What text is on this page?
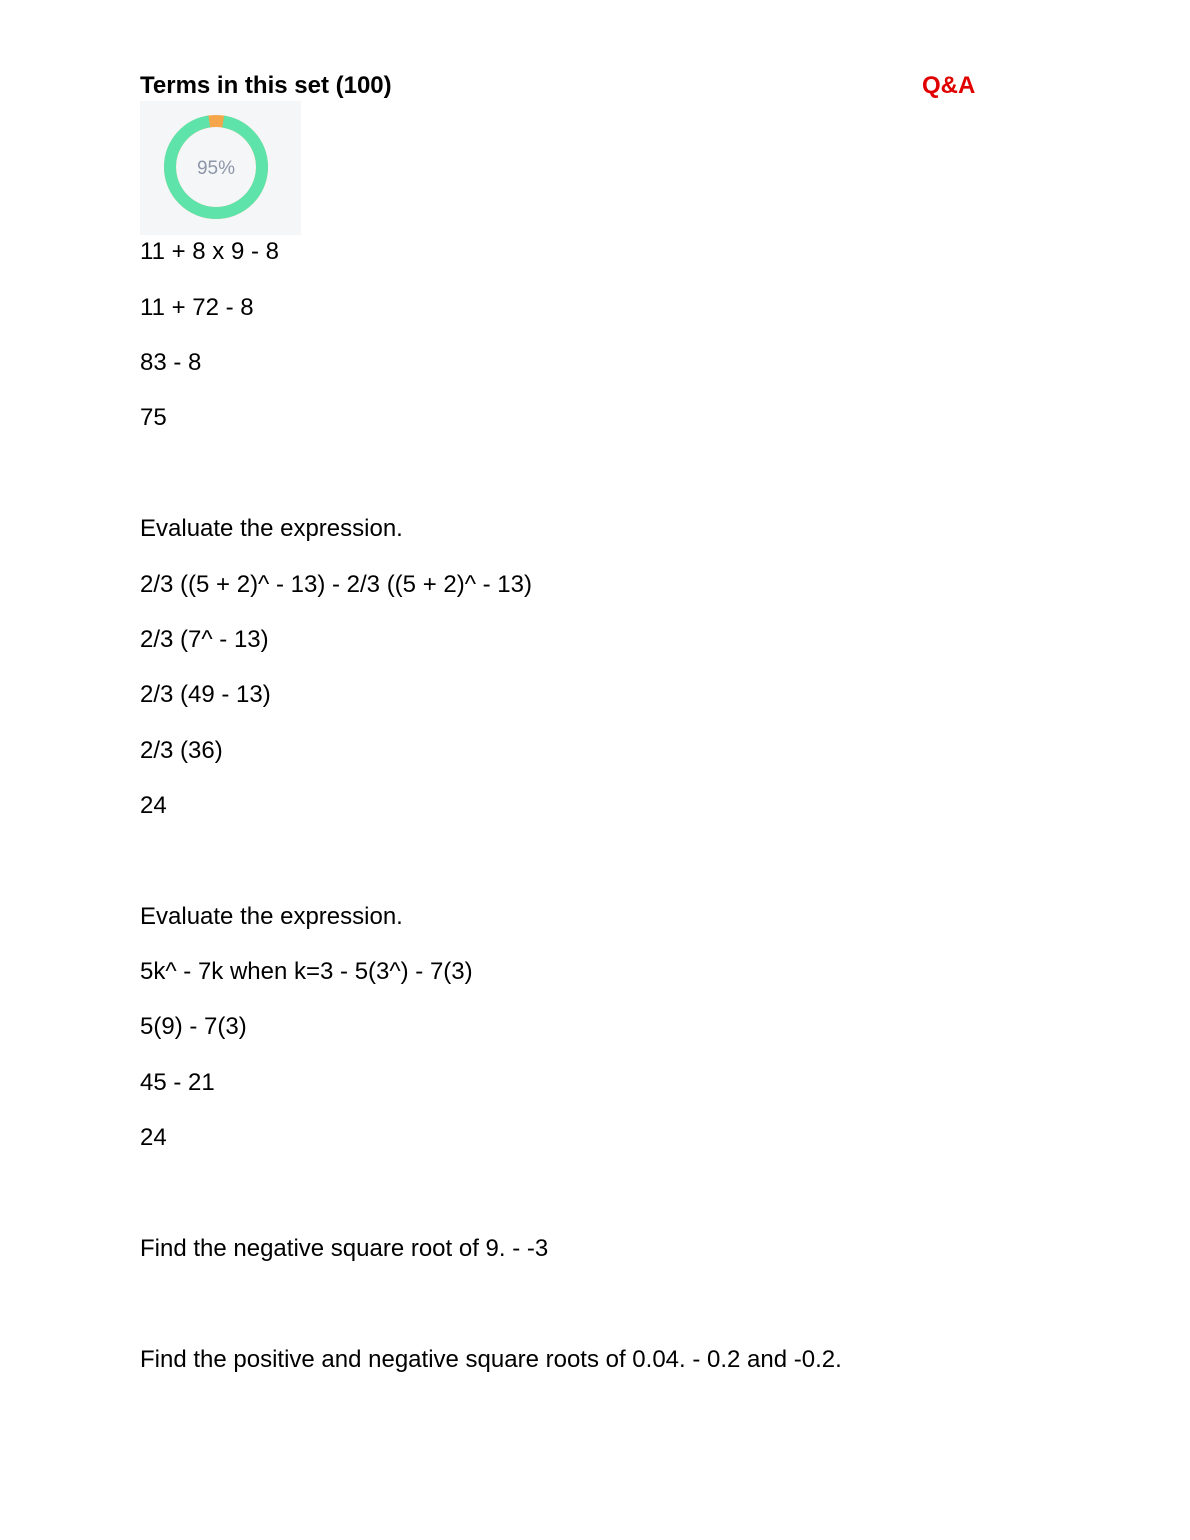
Terms in this set (100)	Q&A
95%
11 + 8 x 9 - 8
11 + 72 - 8
83 - 8
75
Evaluate the expression.
2/3 ((5 + 2)^ - 13) - 2/3 ((5 + 2)^ - 13)
2/3 (7^ - 13)
2/3 (49 - 13)
2/3 (36)
24
Evaluate the expression.
5k^ - 7k when k=3 - 5(3^) - 7(3)
5(9) - 7(3)
45 - 21
24
Find the negative square root of 9. - -3
Find the positive and negative square roots of 0.04. - 0.2 and -0.2.
